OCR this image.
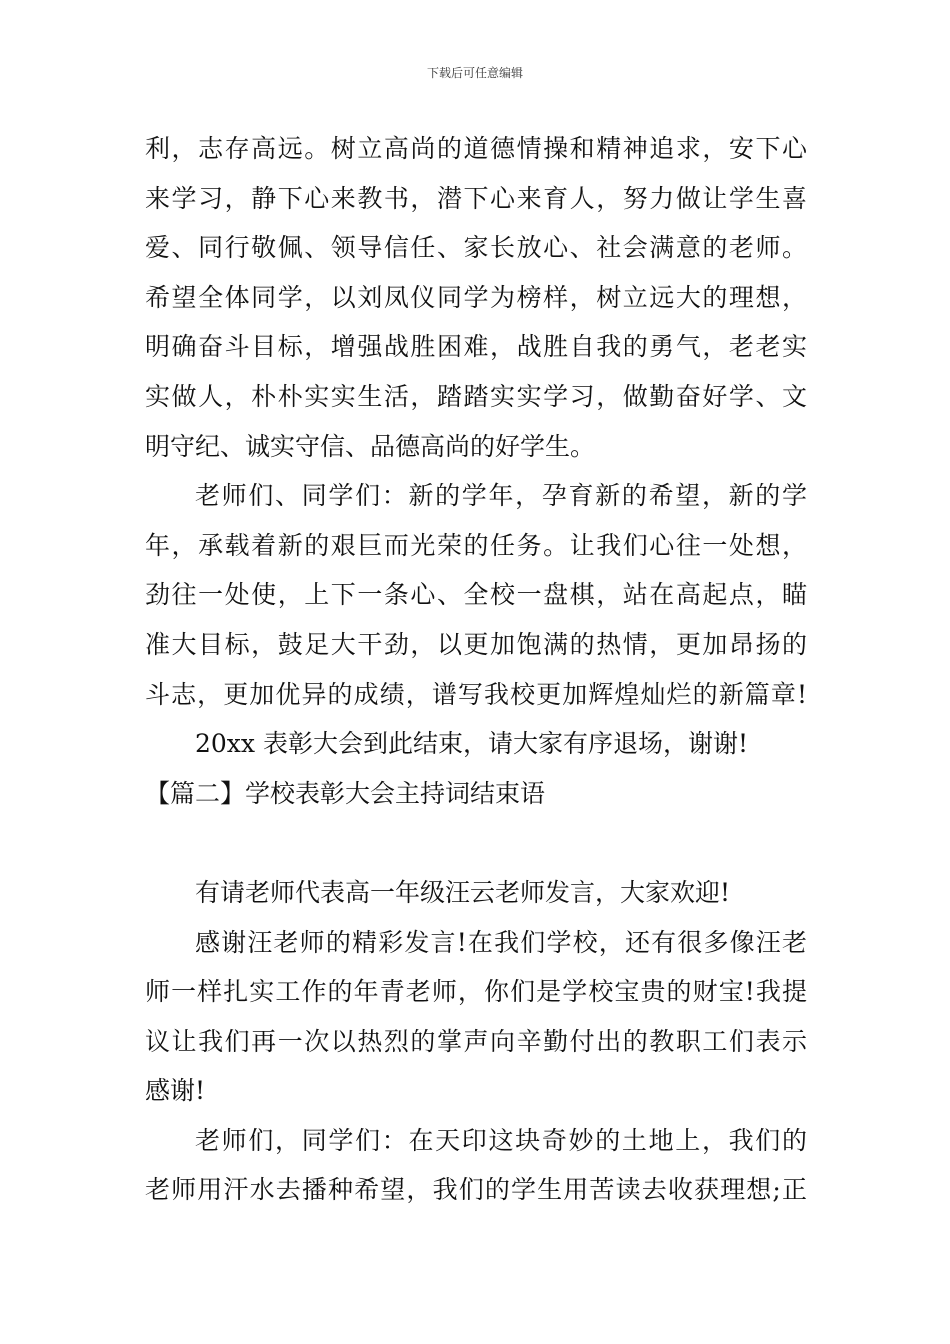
下载后可任意编辑
利，志存高远。树立高尚的道德情操和精神追求，安下心
来学习，静下心来教书，潜下心来育人，努力做让学生喜
爱、同行敬佩、领导信任、家长放心、社会满意的老师。
希望全体同学，以刘凤仪同学为榜样，树立远大的理想，
明确奋斗目标，增强战胜困难，战胜自我的勇气，老老实
实做人，朴朴实实生活，踏踏实实学习，做勤奋好学、文
明守纪、诚实守信、品德高尚的好学生。
老师们、同学们：新的学年，孕育新的希望，新的学
年，承载着新的艰巨而光荣的任务。让我们心往一处想，
劲往一处使，上下一条心、全校一盘棋，站在高起点，瞄
准大目标，鼓足大干劲，以更加饱满的热情，更加昂扬的
斗志，更加优异的成绩，谱写我校更加辉煌灿烂的新篇章!
20xx 表彰大会到此结束，请大家有序退场，谢谢!
【篇二】学校表彰大会主持词结束语
有请老师代表高一年级汪云老师发言，大家欢迎!
感谢汪老师的精彩发言!在我们学校，还有很多像汪老
师一样扎实工作的年青老师，你们是学校宝贵的财宝!我提
议让我们再一次以热烈的掌声向辛勤付出的教职工们表示
感谢!
老师们，同学们：在天印这块奇妙的土地上，我们的
老师用汗水去播种希望，我们的学生用苦读去收获理想;正
